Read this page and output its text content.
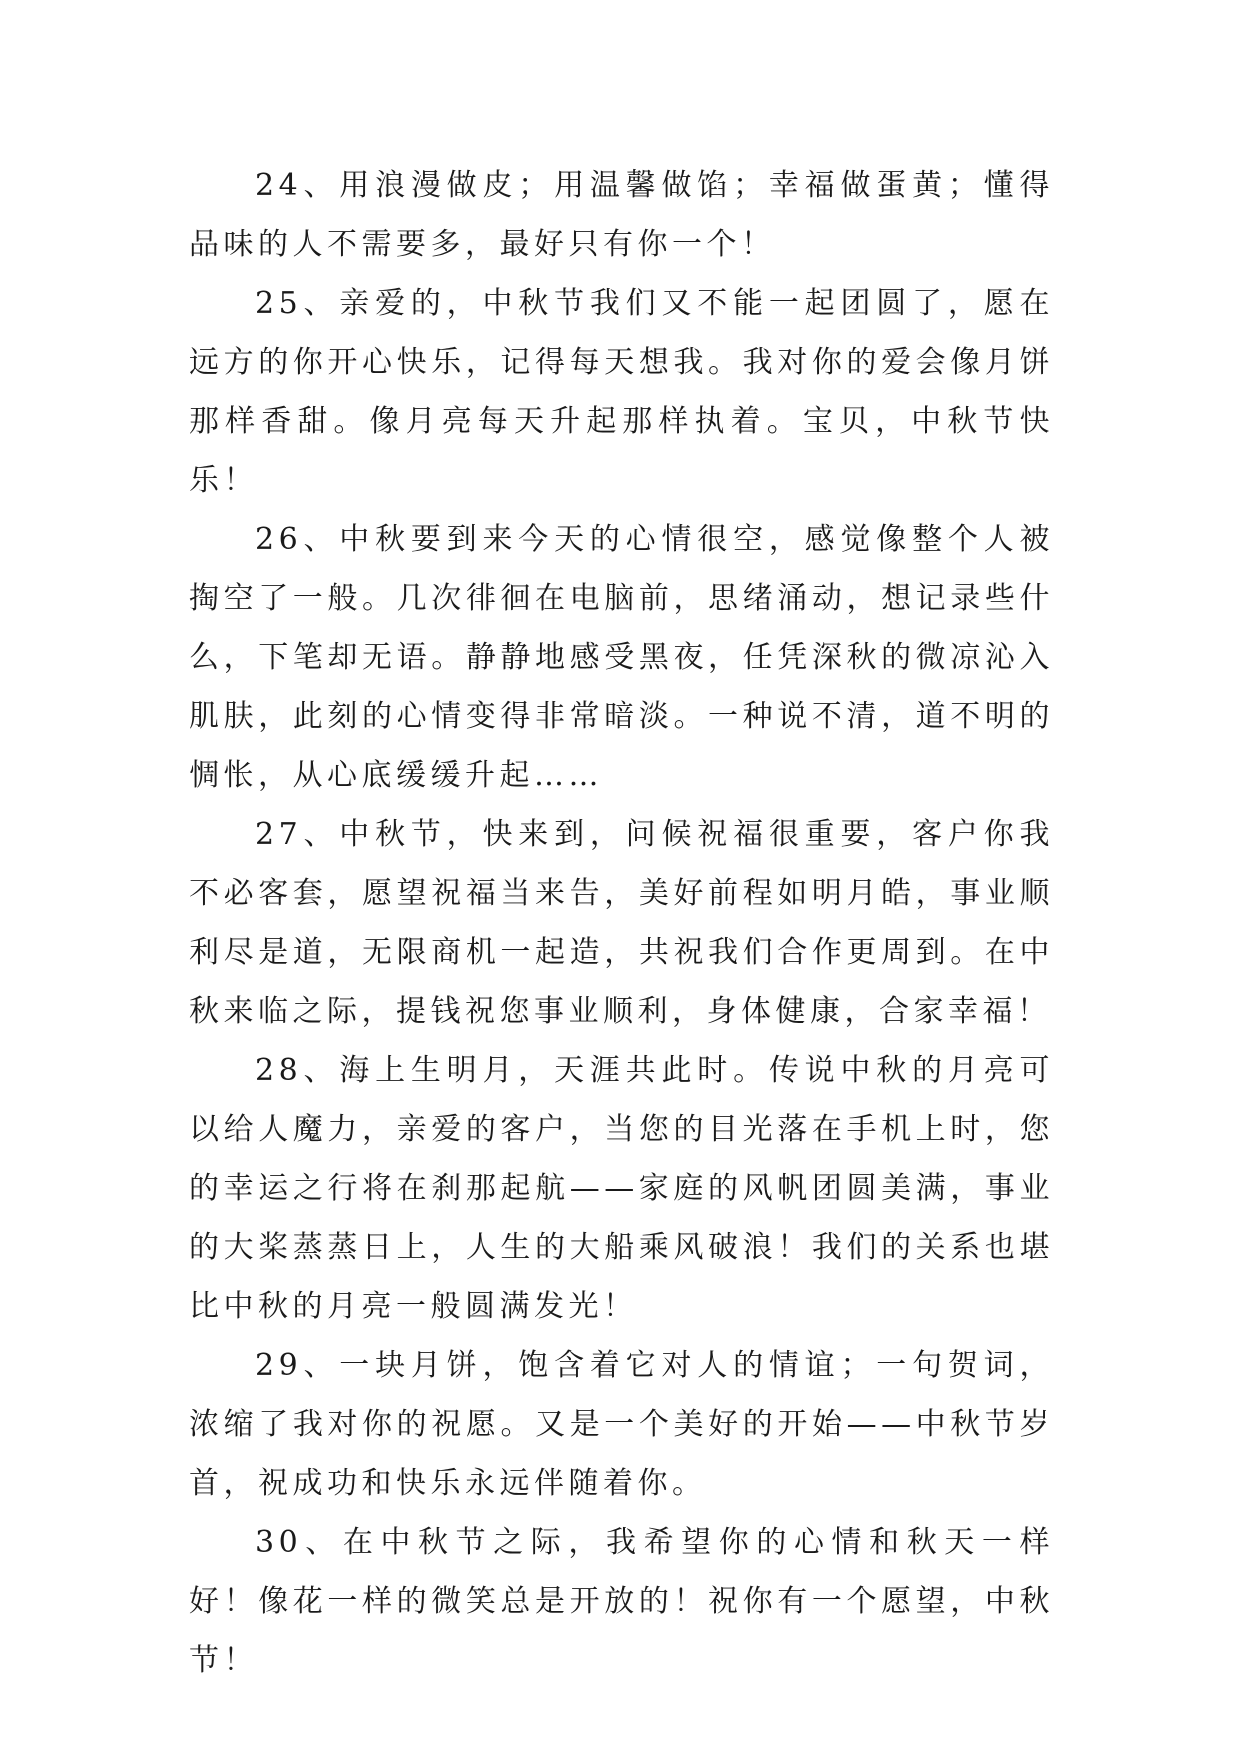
24、用浪漫做皮；用温馨做馅；幸福做蛋黄；懂得品味的人不需要多，最好只有你一个！

25、亲爱的，中秋节我们又不能一起团圆了，愿在远方的你开心快乐，记得每天想我。我对你的爱会像月饼那样香甜。像月亮每天升起那样执着。宝贝，中秋节快乐！

26、中秋要到来今天的心情很空，感觉像整个人被掏空了一般。几次徘徊在电脑前，思绪涌动，想记录些什么，下笔却无语。静静地感受黑夜，任凭深秋的微凉沁入肌肤，此刻的心情变得非常暗淡。一种说不清，道不明的惆怅，从心底缓缓升起……

27、中秋节，快来到，问候祝福很重要，客户你我不必客套，愿望祝福当来告，美好前程如明月皓，事业顺利尽是道，无限商机一起造，共祝我们合作更周到。在中秋来临之际，提钱祝您事业顺利，身体健康，合家幸福！

28、海上生明月，天涯共此时。传说中秋的月亮可以给人魔力，亲爱的客户，当您的目光落在手机上时，您的幸运之行将在刹那起航——家庭的风帆团圆美满，事业的大桨蒸蒸日上，人生的大船乘风破浪！我们的关系也堪比中秋的月亮一般圆满发光！

29、一块月饼，饱含着它对人的情谊；一句贺词，浓缩了我对你的祝愿。又是一个美好的开始——中秋节岁首，祝成功和快乐永远伴随着你。

30、在中秋节之际，我希望你的心情和秋天一样好！像花一样的微笑总是开放的！祝你有一个愿望，中秋节！
